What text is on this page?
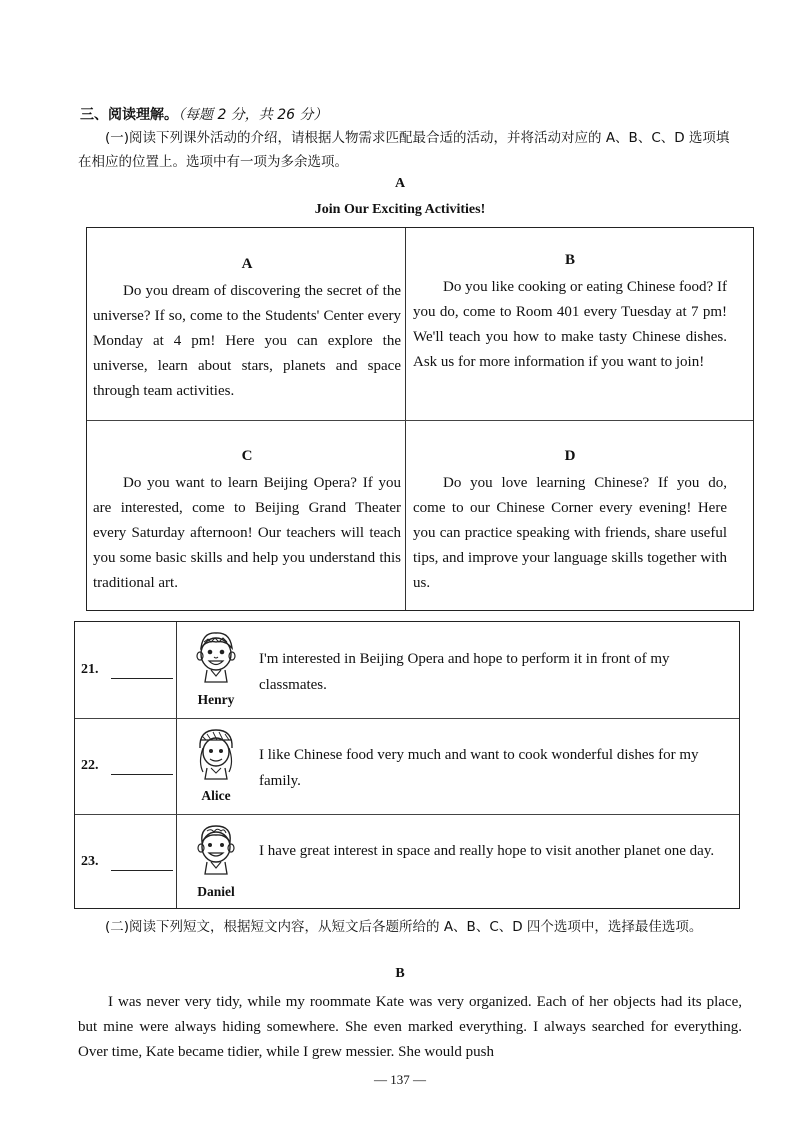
三、阅读理解。（每题 2 分，共 26 分）
(一)阅读下列课外活动的介绍，请根据人物需求匹配最合适的活动，并将活动对应的 A、B、C、D 选项填在相应的位置上。选项中有一项为多余选项。
A
Join Our Exciting Activities!
A
Do you dream of discovering the secret of the universe? If so, come to the Students' Center every Monday at 4 pm! Here you can explore the universe, learn about stars, planets and space through team activities.
B
Do you like cooking or eating Chinese food? If you do, come to Room 401 every Tuesday at 7 pm! We'll teach you how to make tasty Chinese dishes. Ask us for more information if you want to join!
C
Do you want to learn Beijing Opera? If you are interested, come to Beijing Grand Theater every Saturday afternoon! Our teachers will teach you some basic skills and help you understand this traditional art.
D
Do you love learning Chinese? If you do, come to our Chinese Corner every evening! Here you can practice speaking with friends, share useful tips, and improve your language skills together with us.
21.
Henry
I'm interested in Beijing Opera and hope to perform it in front of my classmates.
22.
Alice
I like Chinese food very much and want to cook wonderful dishes for my family.
23.
Daniel
I have great interest in space and really hope to visit another planet one day.
(二)阅读下列短文，根据短文内容，从短文后各题所给的 A、B、C、D 四个选项中，选择最佳选项。
B
I was never very tidy, while my roommate Kate was very organized. Each of her objects had its place, but mine were always hiding somewhere. She even marked everything. I always searched for everything. Over time, Kate became tidier, while I grew messier. She would push
— 137 —
